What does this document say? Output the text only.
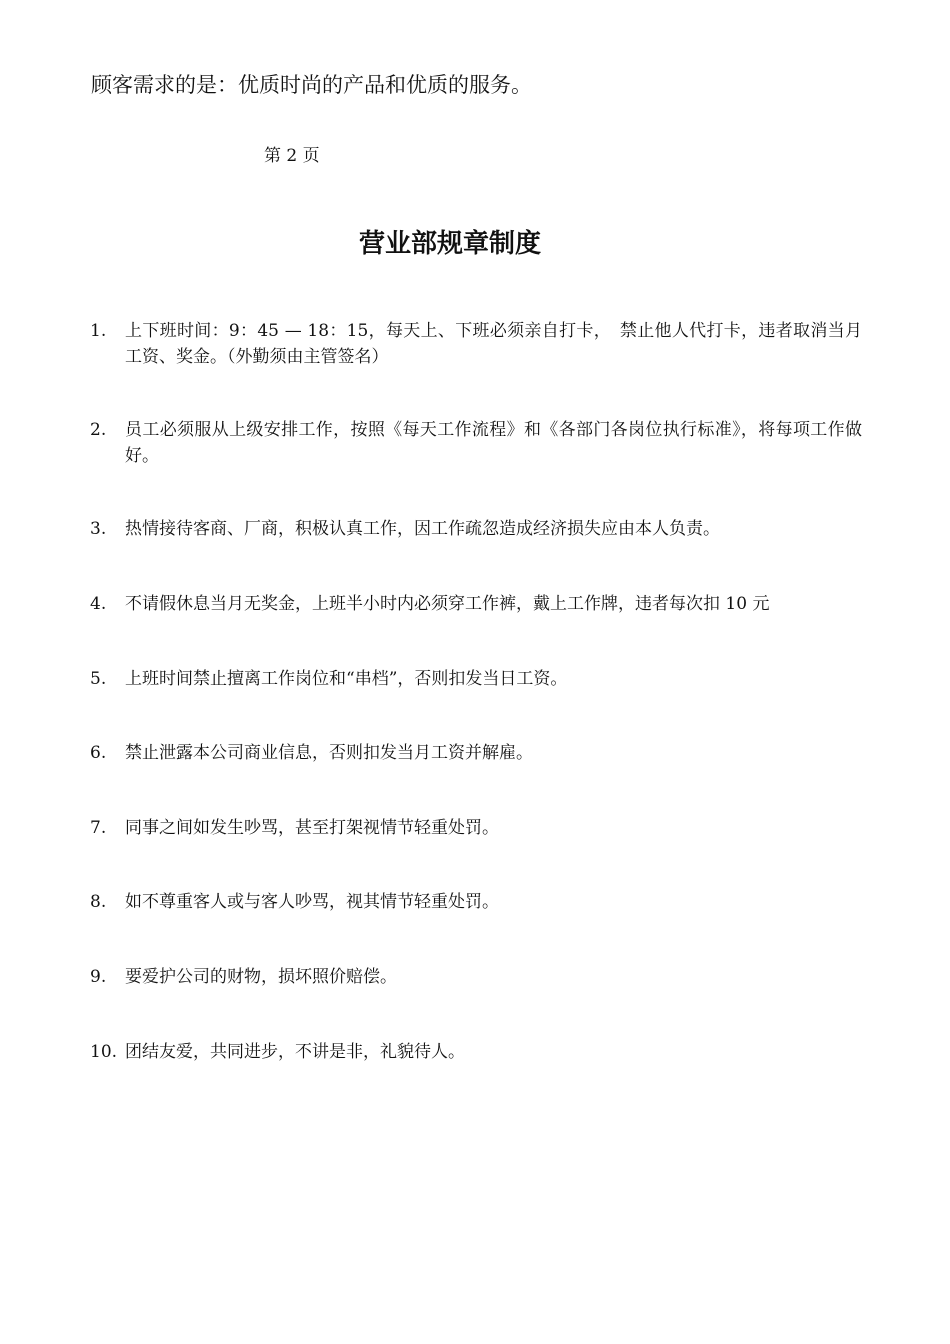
顾客需求的是：优质时尚的产品和优质的服务。
第 2 页
营业部规章制度
1.	上下班时间：9：45 — 18：15，每天上、下班必须亲自打卡，　禁止他人代打卡，违者取消当月工资、奖金。（外勤须由主管签名）
2.	员工必须服从上级安排工作，按照《每天工作流程》和《各部门各岗位执行标准》，将每项工作做好。
3.	热情接待客商、厂商，积极认真工作，因工作疏忽造成经济损失应由本人负责。
4.	不请假休息当月无奖金，上班半小时内必须穿工作裤，戴上工作牌，违者每次扣 10 元
5.	上班时间禁止擅离工作岗位和“串档”，否则扣发当日工资。
6.	禁止泄露本公司商业信息，否则扣发当月工资并解雇。
7.	同事之间如发生吵骂，甚至打架视情节轻重处罚。
8.	如不尊重客人或与客人吵骂，视其情节轻重处罚。
9.	要爱护公司的财物，损坏照价赔偿。
10. 团结友爱，共同进步，不讲是非，礼貌待人。
